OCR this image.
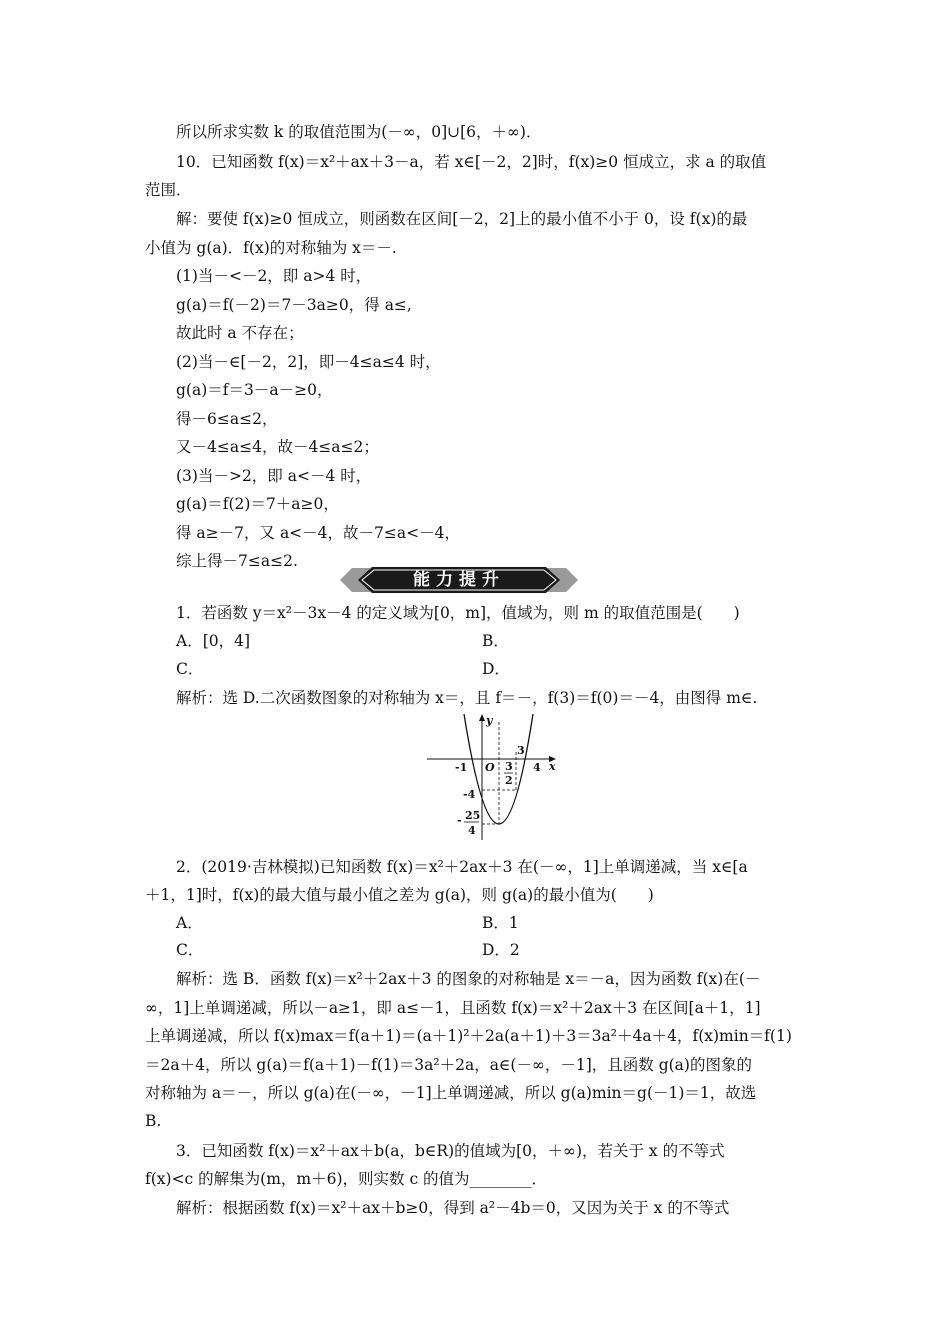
所以所求实数 k 的取值范围为(－∞，0]∪[6，＋∞)．
10．已知函数 f(x)＝x²＋ax＋3－a，若 x∈[－2，2]时，f(x)≥0 恒成立，求 a 的取值
范围．
解：要使 f(x)≥0 恒成立，则函数在区间[－2，2]上的最小值不小于 0，设 f(x)的最
小值为 g(a)．f(x)的对称轴为 x＝－.
(1)当－<－2，即 a>4 时，
g(a)＝f(－2)＝7－3a≥0，得 a≤,
故此时 a 不存在；
(2)当－∈[－2，2]，即－4≤a≤4 时，
g(a)＝f＝3－a－≥0，
得－6≤a≤2，
又－4≤a≤4，故－4≤a≤2；
(3)当－>2，即 a<－4 时，
g(a)＝f(2)＝7＋a≥0，
得 a≥－7，又 a<－4，故－7≤a<－4，
综上得－7≤a≤2.
能力提升
1．若函数 y＝x²－3x－4 的定义域为[0，m]，值域为，则 m 的取值范围是(　　)
A．[0，4]	B．
C．	D．
解析：选 D.二次函数图象的对称轴为 x＝，且 f＝－，f(3)＝f(0)＝－4，由图得 m∈.
y
x
-1 O
3
3
2
4
-4
- 25
4
2．(2019·吉林模拟)已知函数 f(x)＝x²＋2ax＋3 在(－∞，1]上单调递减，当 x∈[a
＋1，1]时，f(x)的最大值与最小值之差为 g(a)，则 g(a)的最小值为(　　)
A．	B．1
C．	D．2
解析：选 B．函数 f(x)＝x²＋2ax＋3 的图象的对称轴是 x＝－a，因为函数 f(x)在(－
∞，1]上单调递减，所以－a≥1，即 a≤－1，且函数 f(x)＝x²＋2ax＋3 在区间[a＋1，1]
上单调递减，所以 f(x)max＝f(a＋1)＝(a＋1)²＋2a(a＋1)＋3＝3a²＋4a＋4，f(x)min＝f(1)
＝2a＋4，所以 g(a)＝f(a＋1)－f(1)＝3a²＋2a，a∈(－∞，－1]，且函数 g(a)的图象的
对称轴为 a＝－，所以 g(a)在(－∞，－1]上单调递减，所以 g(a)min＝g(－1)＝1，故选
B.
3．已知函数 f(x)＝x²＋ax＋b(a，b∈R)的值域为[0，＋∞)，若关于 x 的不等式
f(x)<c 的解集为(m，m＋6)，则实数 c 的值为________．
解析：根据函数 f(x)＝x²＋ax＋b≥0，得到 a²－4b＝0，又因为关于 x 的不等式
